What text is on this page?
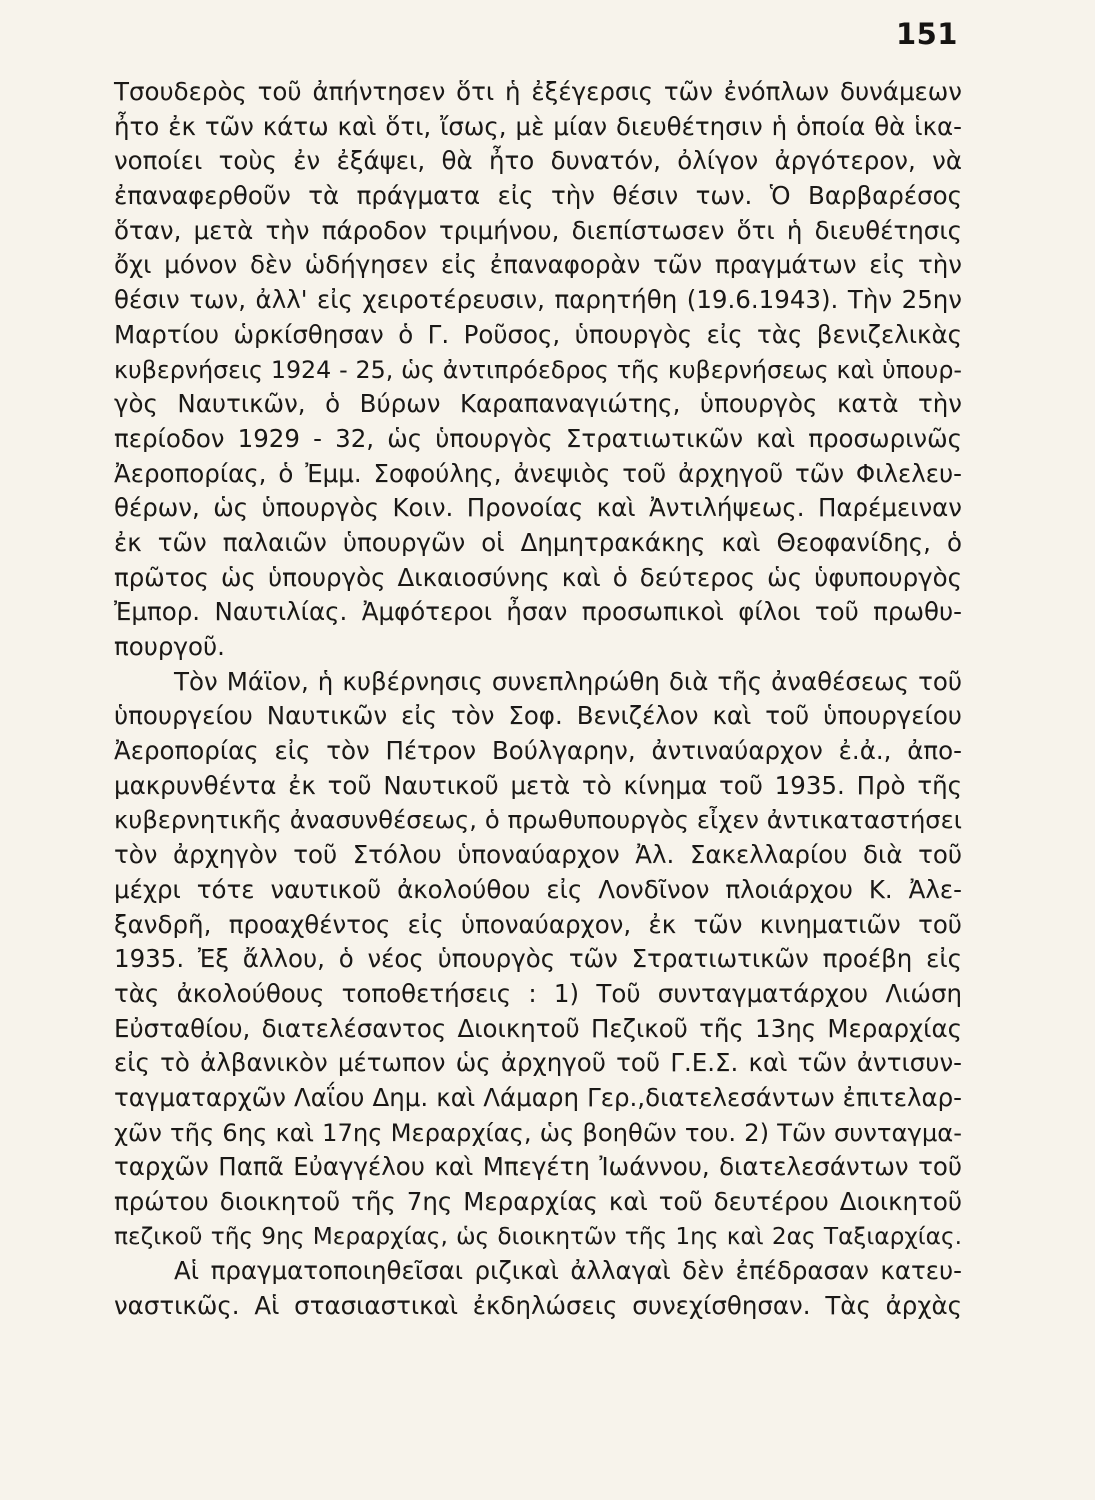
151
Τσουδερὸς τοῦ ἀπήντησεν ὅτι ἡ ἐξέγερσις τῶν ἐνόπλων δυνάμεων
ἦτο ἐκ τῶν κάτω καὶ ὅτι, ἴσως, μὲ μίαν διευθέτησιν ἡ ὁποία θὰ ἱκα-
νοποίει τοὺς ἐν ἐξάψει, θὰ ἦτο δυνατόν, ὀλίγον ἀργότερον, νὰ
ἐπαναφερθοῦν τὰ πράγματα εἰς τὴν θέσιν των. Ὁ Βαρβαρέσος
ὅταν, μετὰ τὴν πάροδον τριμήνου, διεπίστωσεν ὅτι ἡ διευθέτησις
ὄχι μόνον δὲν ὡδήγησεν εἰς ἐπαναφορὰν τῶν πραγμάτων εἰς τὴν
θέσιν των, ἀλλ' εἰς χειροτέρευσιν, παρητήθη (19.6.1943). Τὴν 25ην
Μαρτίου ὡρκίσθησαν ὁ Γ. Ροῦσος, ὑπουργὸς εἰς τὰς βενιζελικὰς
κυβερνήσεις 1924 - 25, ὡς ἀντιπρόεδρος τῆς κυβερνήσεως καὶ ὑπουρ-
γὸς Ναυτικῶν, ὁ Βύρων Καραπαναγιώτης, ὑπουργὸς κατὰ τὴν
περίοδον 1929 - 32, ὡς ὑπουργὸς Στρατιωτικῶν καὶ προσωρινῶς
Ἀεροπορίας, ὁ Ἐμμ. Σοφούλης, ἀνεψιὸς τοῦ ἀρχηγοῦ τῶν Φιλελευ-
θέρων, ὡς ὑπουργὸς Κοιν. Προνοίας καὶ Ἀντιλήψεως. Παρέμειναν
ἐκ τῶν παλαιῶν ὑπουργῶν οἱ Δημητρακάκης καὶ Θεοφανίδης, ὁ
πρῶτος ὡς ὑπουργὸς Δικαιοσύνης καὶ ὁ δεύτερος ὡς ὑφυπουργὸς
Ἐμπορ. Ναυτιλίας. Ἀμφότεροι ἦσαν προσωπικοὶ φίλοι τοῦ πρωθυ-
πουργοῦ.
Τὸν Μάϊον, ἡ κυβέρνησις συνεπληρώθη διὰ τῆς ἀναθέσεως τοῦ
ὑπουργείου Ναυτικῶν εἰς τὸν Σοφ. Βενιζέλον καὶ τοῦ ὑπουργείου
Ἀεροπορίας εἰς τὸν Πέτρον Βούλγαρην, ἀντιναύαρχον ἐ.ἀ., ἀπο-
μακρυνθέντα ἐκ τοῦ Ναυτικοῦ μετὰ τὸ κίνημα τοῦ 1935. Πρὸ τῆς
κυβερνητικῆς ἀνασυνθέσεως, ὁ πρωθυπουργὸς εἶχεν ἀντικαταστήσει
τὸν ἀρχηγὸν τοῦ Στόλου ὑποναύαρχον Ἀλ. Σακελλαρίου διὰ τοῦ
μέχρι τότε ναυτικοῦ ἀκολούθου εἰς Λονδῖνον πλοιάρχου Κ. Ἀλε-
ξανδρῆ, προαχθέντος εἰς ὑποναύαρχον, ἐκ τῶν κινηματιῶν τοῦ
1935. Ἐξ ἄλλου, ὁ νέος ὑπουργὸς τῶν Στρατιωτικῶν προέβη εἰς
τὰς ἀκολούθους τοποθετήσεις : 1) Τοῦ συνταγματάρχου Λιώση
Εὐσταθίου, διατελέσαντος Διοικητοῦ Πεζικοῦ τῆς 13ης Μεραρχίας
εἰς τὸ ἀλβανικὸν μέτωπον ὡς ἀρχηγοῦ τοῦ Γ.Ε.Σ. καὶ τῶν ἀντισυν-
ταγματαρχῶν Λαΐου Δημ. καὶ Λάμαρη Γερ.,διατελεσάντων ἐπιτελαρ-
χῶν τῆς 6ης καὶ 17ης Μεραρχίας, ὡς βοηθῶν του. 2) Τῶν συνταγμα-
ταρχῶν Παπᾶ Εὐαγγέλου καὶ Μπεγέτη Ἰωάννου, διατελεσάντων τοῦ
πρώτου διοικητοῦ τῆς 7ης Μεραρχίας καὶ τοῦ δευτέρου Διοικητοῦ
πεζικοῦ τῆς 9ης Μεραρχίας, ὡς διοικητῶν τῆς 1ης καὶ 2ας Ταξιαρχίας.
Αἱ πραγματοποιηθεῖσαι ριζικαὶ ἀλλαγαὶ δὲν ἐπέδρασαν κατευ-
ναστικῶς. Αἱ στασιαστικαὶ ἐκδηλώσεις συνεχίσθησαν. Τὰς ἀρχὰς
